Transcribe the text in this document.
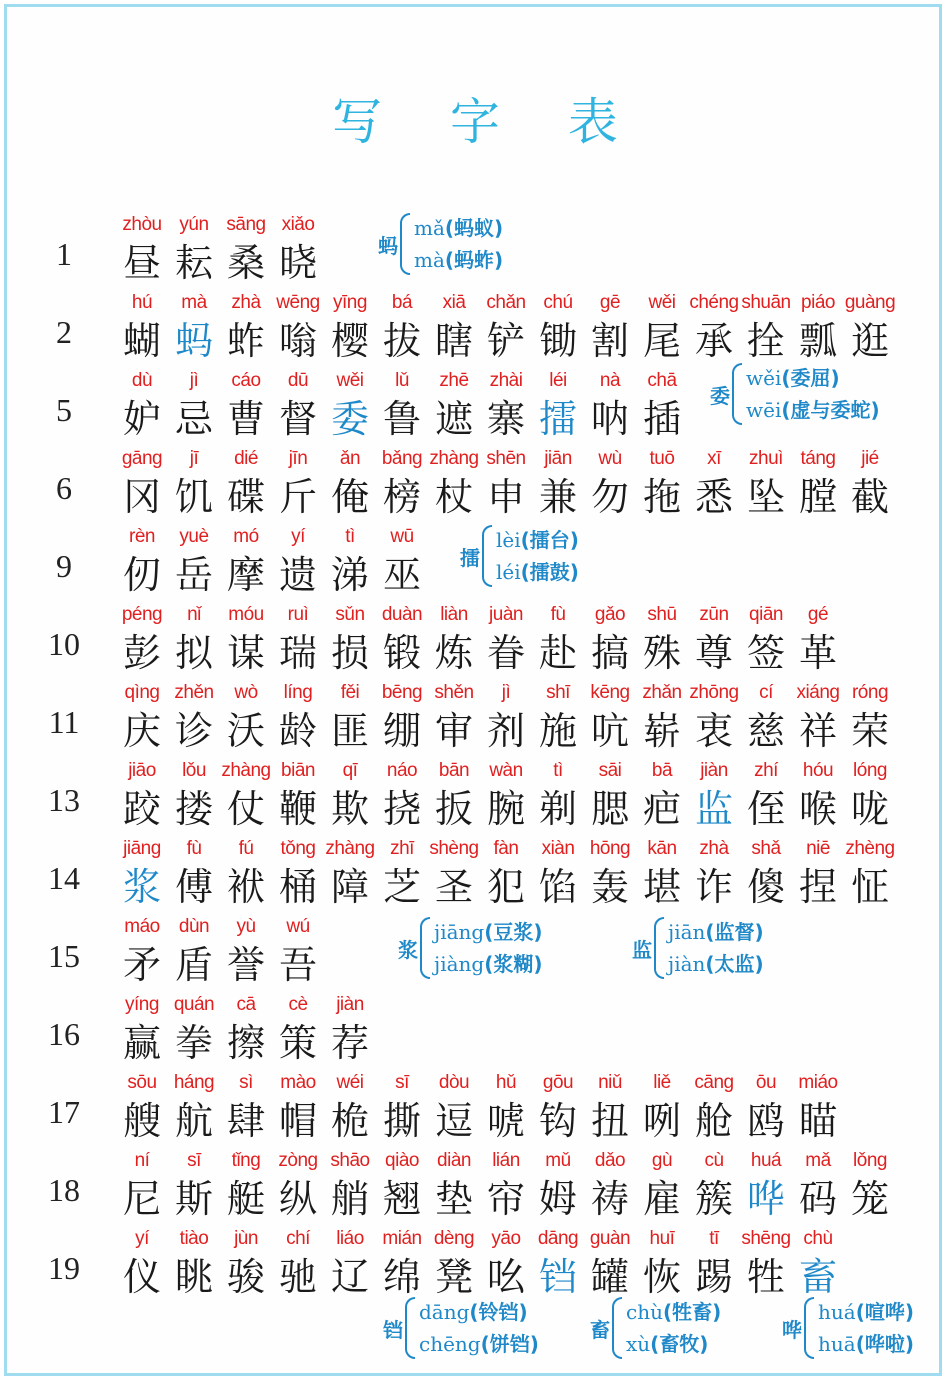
写 字 表
1
zhòu
昼
yún
耘
sāng
桑
xiǎo
晓
2
hú
蝴
mà
蚂
zhà
蚱
wēng
嗡
yīng
樱
bá
拔
xiā
瞎
chǎn
铲
chú
锄
gē
割
wěi
尾
chéng
承
shuān
拴
piáo
瓢
guàng
逛
5
dù
妒
jì
忌
cáo
曹
dū
督
wěi
委
lǔ
鲁
zhē
遮
zhài
寨
léi
擂
nà
呐
chā
插
6
gāng
冈
jī
饥
dié
碟
jīn
斤
ǎn
俺
bǎng
榜
zhàng
杖
shēn
申
jiān
兼
wù
勿
tuō
拖
xī
悉
zhuì
坠
táng
膛
jié
截
9
rèn
仞
yuè
岳
mó
摩
yí
遗
tì
涕
wū
巫
10
péng
彭
nǐ
拟
móu
谋
ruì
瑞
sǔn
损
duàn
锻
liàn
炼
juàn
眷
fù
赴
gǎo
搞
shū
殊
zūn
尊
qiān
签
gé
革
11
qìng
庆
zhěn
诊
wò
沃
líng
龄
fěi
匪
bēng
绷
shěn
审
jì
剂
shī
施
kēng
吭
zhǎn
崭
zhōng
衷
cí
慈
xiáng
祥
róng
荣
13
jiāo
跤
lǒu
搂
zhàng
仗
biān
鞭
qī
欺
náo
挠
bān
扳
wàn
腕
tì
剃
sāi
腮
bā
疤
jiàn
监
zhí
侄
hóu
喉
lóng
咙
14
jiāng
浆
fù
傅
fú
袱
tǒng
桶
zhàng
障
zhī
芝
shèng
圣
fàn
犯
xiàn
馅
hōng
轰
kān
堪
zhà
诈
shǎ
傻
niē
捏
zhèng
怔
15
máo
矛
dùn
盾
yù
誉
wú
吾
16
yíng
赢
quán
拳
cā
擦
cè
策
jiàn
荐
17
sōu
艘
háng
航
sì
肆
mào
帽
wéi
桅
sī
撕
dòu
逗
hǔ
唬
gōu
钩
niǔ
扭
liě
咧
cāng
舱
ōu
鸥
miáo
瞄
18
ní
尼
sī
斯
tǐng
艇
zòng
纵
shāo
艄
qiào
翘
diàn
垫
lián
帘
mǔ
姆
dǎo
祷
gù
雇
cù
簇
huá
哗
mǎ
码
lǒng
笼
19
yí
仪
tiào
眺
jùn
骏
chí
驰
liáo
辽
mián
绵
dèng
凳
yāo
吆
dāng
铛
guàn
罐
huī
恢
tī
踢
shēng
牲
chù
畜
蚂
mǎ(蚂蚁)
mà(蚂蚱)
委
wěi(委屈)
wēi(虚与委蛇)
擂
lèi(擂台)
léi(擂鼓)
浆
jiāng(豆浆)
jiàng(浆糊)
监
jiān(监督)
jiàn(太监)
铛
dāng(铃铛)
chēng(饼铛)
畜
chù(牲畜)
xù(畜牧)
哗
huá(喧哗)
huā(哗啦)
